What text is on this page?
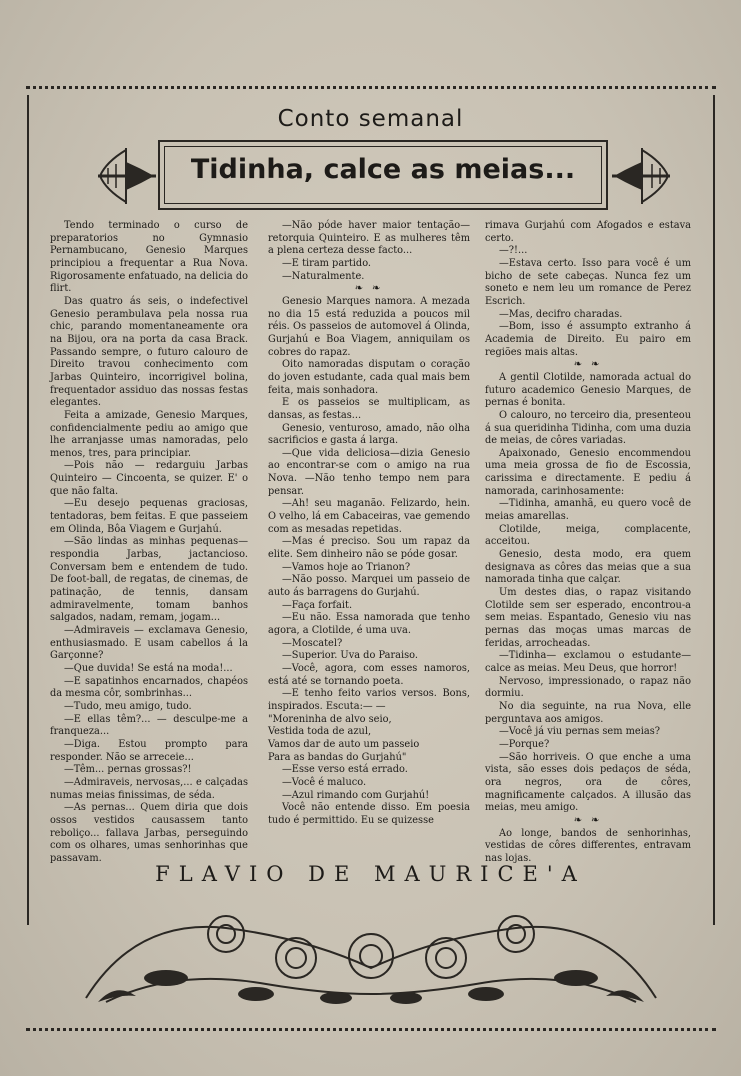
Conto semanal
Tidinha, calce as meias...

Tendo terminado o curso de preparatorios no Gymnasio Pernambucano, Genesio Marques principiou a frequentar a Rua Nova. Rigorosamente enfatuado, na delicia do flirt.

Das quatro ás seis, o indefectivel Genesio perambulava pela nossa rua chic, parando momentaneamente ora na Bijou, ora na porta da casa Brack. Passando sempre, o futuro calouro de Direito travou conhecimento com Jarbas Quinteiro, incorrigivel bolina, frequentador assiduo das nossas festas elegantes.

Feita a amizade, Genesio Marques, confidencialmente pediu ao amigo que lhe arranjasse umas namoradas, pelo menos, tres, para principiar.

—Pois não — redarguiu Jarbas Quinteiro — Cincoenta, se quizer. E' o que não falta.

—Eu desejo pequenas graciosas, tentadoras, bem feitas. E que passeiem em Olinda, Bôa Viagem e Gurjahú.

—São lindas as minhas pequenas—respondia Jarbas, jactancioso. Conversam bem e entendem de tudo. De foot-ball, de regatas, de cinemas, de patinação, de tennis, dansam admiravelmente, tomam banhos salgados, nadam, remam, jogam...

—Admiraveis — exclamava Genesio, enthusiasmado. E usam cabellos á la Garçonne?

—Que duvida! Se está na moda!...

—E sapatinhos encarnados, chapéos da mesma côr, sombrinhas...

—Tudo, meu amigo, tudo.

—E ellas têm?... — desculpe-me a franqueza...

—Diga. Estou prompto para responder. Não se arreceie...

—Têm... pernas grossas?!

—Admiraveis, nervosas,... e calçadas numas meias finissimas, de séda.

—As pernas... Quem diria que dois ossos vestidos causassem tanto reboliço... fallava Jarbas, perseguindo com os olhares, umas senhorinhas que passavam.

—Não póde haver maior tentação—retorquia Quinteiro. E as mulheres têm a plena certeza desse facto...

—E tiram partido.

—Naturalmente.

❧ ❧

Genesio Marques namora. A mezada no dia 15 está reduzida a poucos mil réis. Os passeios de automovel á Olinda, Gurjahú e Boa Viagem, anniquilam os cobres do rapaz.

Oito namoradas disputam o coração do joven estudante, cada qual mais bem feita, mais sonhadora.

E os passeios se multiplicam, as dansas, as festas...

Genesio, venturoso, amado, não olha sacrificios e gasta á larga.

—Que vida deliciosa—dizia Genesio ao encontrar-se com o amigo na rua Nova. —Não tenho tempo nem para pensar.

—Ah! seu maganão. Felizardo, hein. O velho, lá em Cabaceiras, vae gemendo com as mesadas repetidas.

—Mas é preciso. Sou um rapaz da elite. Sem dinheiro não se póde gosar.

—Vamos hoje ao Trianon?

—Não posso. Marquei um passeio de auto ás barragens do Gurjahú.

—Faça forfait.

—Eu não. Essa namorada que tenho agora, a Clotilde, é uma uva.

—Moscatel?

—Superior. Uva do Paraiso.

—Você, agora, com esses namoros, está até se tornando poeta.

—E tenho feito varios versos. Bons, inspirados. Escuta:— —

"Moreninha de alvo seio,

Vestida toda de azul,

Vamos dar de auto um passeio

Para as bandas do Gurjahú"

—Esse verso está errado.

—Você é maluco.

—Azul rimando com Gurjahú!

Você não entende disso. Em poesia tudo é permittido. Eu se quizesse

rimava Gurjahú com Afogados e estava certo.

—?!...

—Estava certo. Isso para você é um bicho de sete cabeças. Nunca fez um soneto e nem leu um romance de Perez Escrich.

—Mas, decifro charadas.

—Bom, isso é assumpto extranho á Academia de Direito. Eu pairo em regiões mais altas.

❧ ❧

A gentil Clotilde, namorada actual do futuro academico Genesio Marques, de pernas é bonita.

O calouro, no terceiro dia, presenteou á sua queridinha Tidinha, com uma duzia de meias, de côres variadas.

Apaixonado, Genesio encommendou uma meia grossa de fio de Escossia, carissima e directamente. E pediu á namorada, carinhosamente:

—Tidinha, amanhã, eu quero você de meias amarellas.

Clotilde, meiga, complacente, acceitou.

Genesio, desta modo, era quem designava as côres das meias que a sua namorada tinha que calçar.

Um destes dias, o rapaz visitando Clotilde sem ser esperado, encontrou-a sem meias. Espantado, Genesio viu nas pernas das moças umas marcas de feridas, arrocheadas.

—Tidinha— exclamou o estudante—calce as meias. Meu Deus, que horror!

Nervoso, impressionado, o rapaz não dormiu.

No dia seguinte, na rua Nova, elle perguntava aos amigos.

—Você já viu pernas sem meias?

—Porque?

—São horriveis. O que enche a uma vista, são esses dois pedaços de séda, ora negros, ora de côres, magnificamente calçados. A illusão das meias, meu amigo.

❧ ❧

Ao longe, bandos de senhorinhas, vestidas de côres differentes, entravam nas lojas.

FLAVIO DE MAURICE'A
